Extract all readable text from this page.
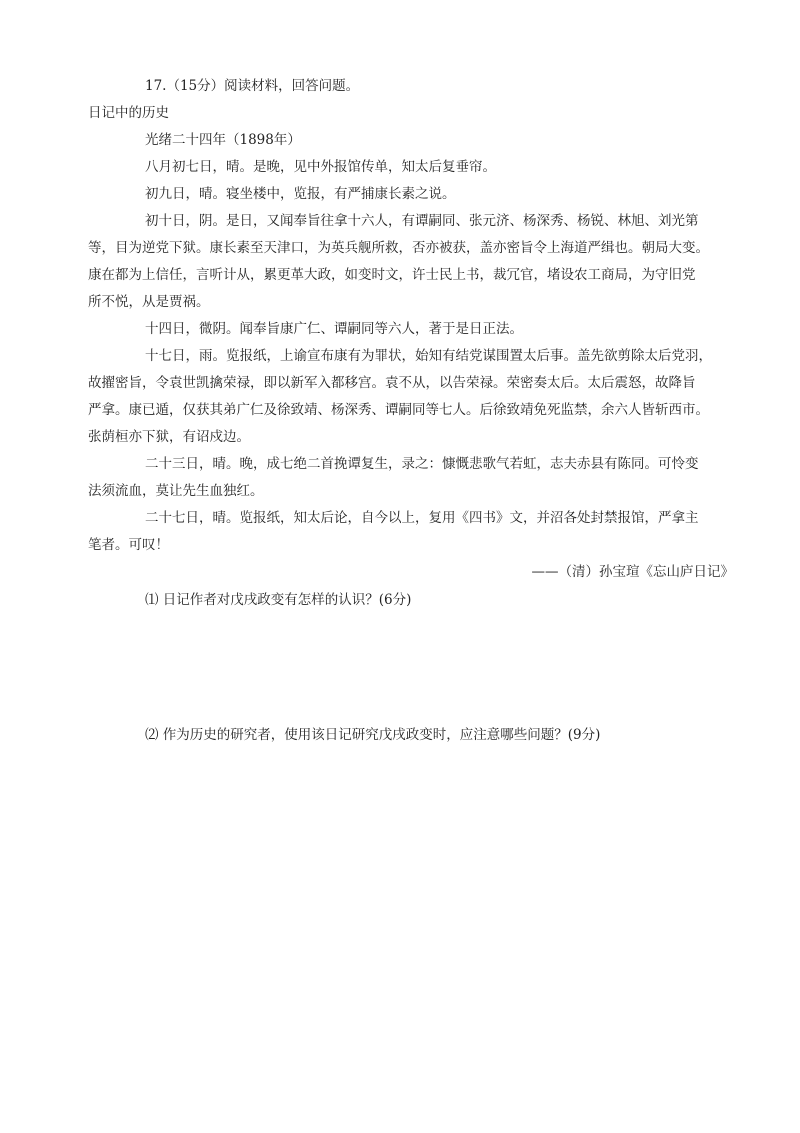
17.（15分）阅读材料，回答问题。
日记中的历史
光绪二十四年（1898年）
八月初七日，晴。是晚，见中外报馆传单，知太后复垂帘。
初九日，晴。寝坐楼中，览报，有严捕康长素之说。
初十日，阴。是日，又闻奉旨往拿十六人，有谭嗣同、张元济、杨深秀、杨锐、林旭、刘光第
等，目为逆党下狱。康长素至天津口，为英兵舰所救，否亦被获，盖亦密旨令上海道严缉也。朝局大变。
康在都为上信任，言听计从，累更革大政，如变时文，许士民上书，裁冗官，堵设农工商局，为守旧党
所不悦，从是贾祸。
十四日，微阴。闻奉旨康广仁、谭嗣同等六人，著于是日正法。
十七日，雨。览报纸，上谕宣布康有为罪状，始知有结党谋围置太后事。盖先欲剪除太后党羽，
故擢密旨，令袁世凯擒荣禄，即以新军入都移宫。袁不从，以告荣禄。荣密奏太后。太后震怒，故降旨
严拿。康已遁，仅获其弟广仁及徐致靖、杨深秀、谭嗣同等七人。后徐致靖免死监禁，余六人皆斩西市。
张荫桓亦下狱，有诏戍边。
二十三日，晴。晚，成七绝二首挽谭复生，录之：慷慨悲歌气若虹，志夫赤县有陈同。可怜变
法须流血，莫让先生血独红。
二十七日，晴。览报纸，知太后论，自今以上，复用《四书》文，并沼各处封禁报馆，严拿主
笔者。可叹！
——（清）孙宝瑄《忘山庐日记》
⑴ 日记作者对戊戌政变有怎样的认识？(6分)
⑵ 作为历史的研究者，使用该日记研究戊戌政变时，应注意哪些问题？(9分)
